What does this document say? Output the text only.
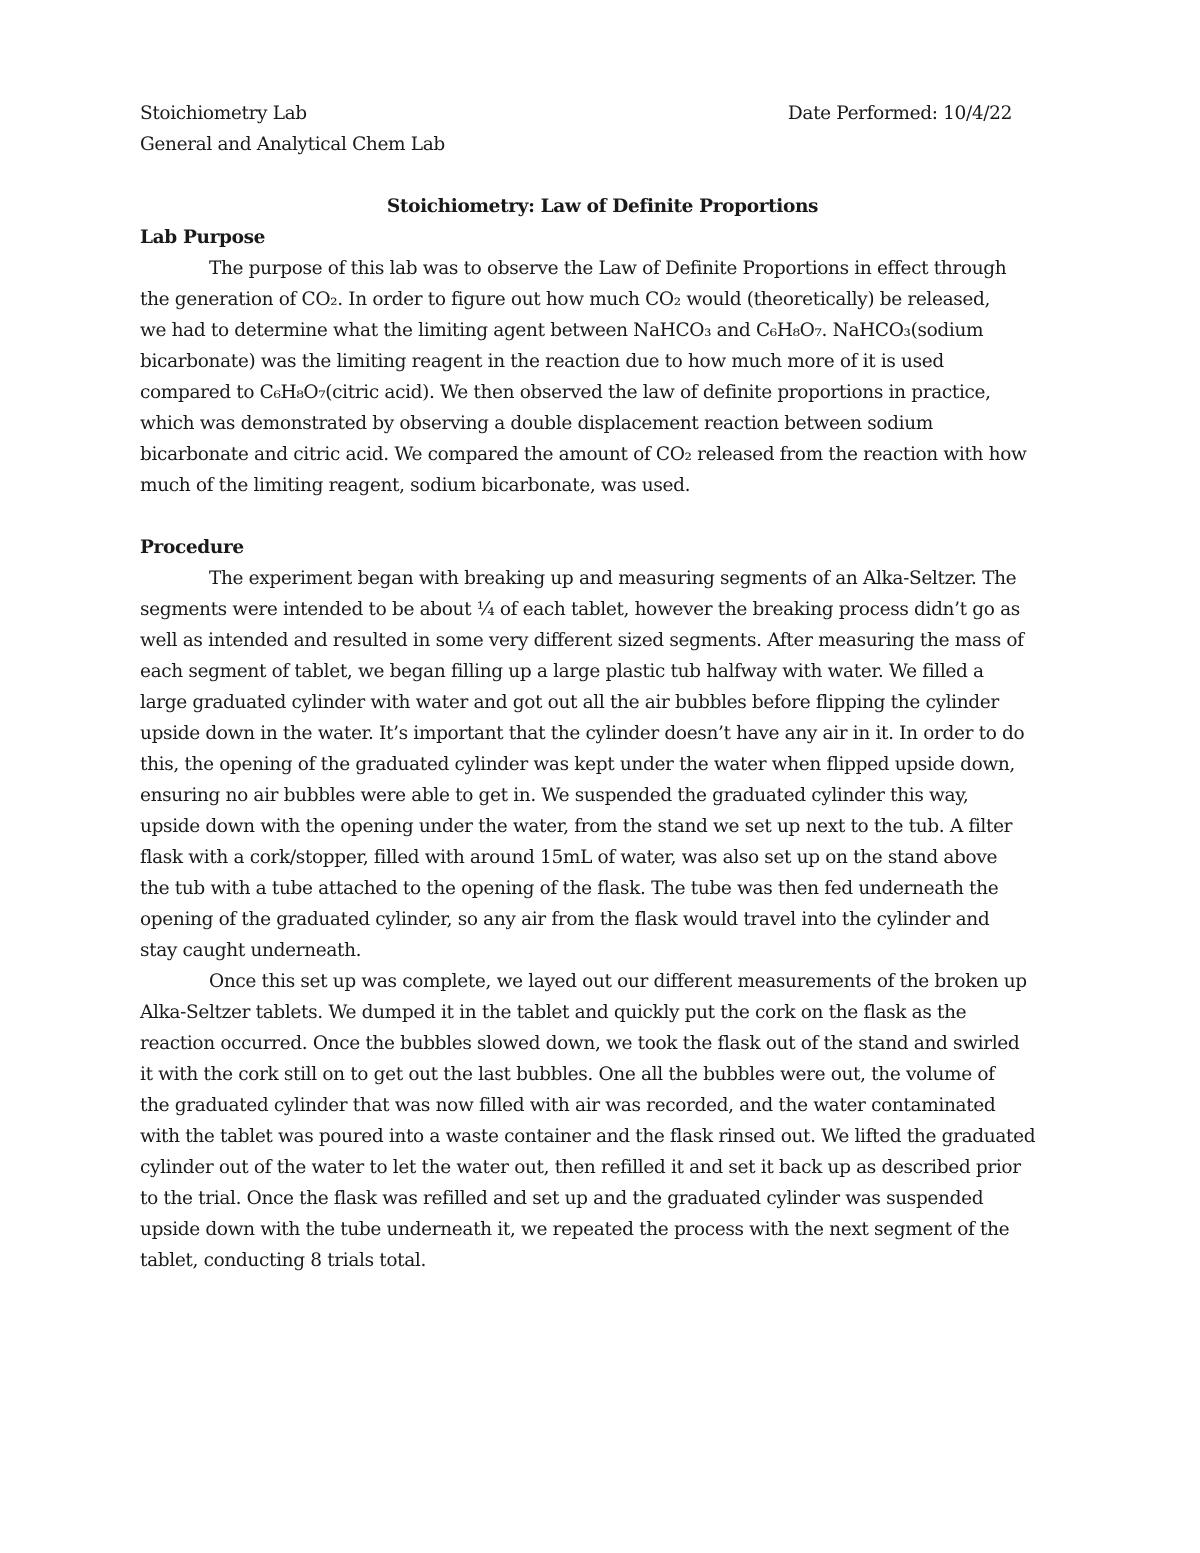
Stoichiometry Lab	Date Performed: 10/4/22
General and Analytical Chem Lab
Stoichiometry: Law of Definite Proportions
Lab Purpose
The purpose of this lab was to observe the Law of Definite Proportions in effect through
the generation of CO₂. In order to figure out how much CO₂ would (theoretically) be released,
we had to determine what the limiting agent between NaHCO₃ and C₆H₈O₇. NaHCO₃(sodium
bicarbonate) was the limiting reagent in the reaction due to how much more of it is used
compared to C₆H₈O₇(citric acid). We then observed the law of definite proportions in practice,
which was demonstrated by observing a double displacement reaction between sodium
bicarbonate and citric acid. We compared the amount of CO₂ released from the reaction with how
much of the limiting reagent, sodium bicarbonate, was used.
Procedure
The experiment began with breaking up and measuring segments of an Alka-Seltzer. The
segments were intended to be about ¼ of each tablet, however the breaking process didn’t go as
well as intended and resulted in some very different sized segments. After measuring the mass of
each segment of tablet, we began filling up a large plastic tub halfway with water. We filled a
large graduated cylinder with water and got out all the air bubbles before flipping the cylinder
upside down in the water. It’s important that the cylinder doesn’t have any air in it. In order to do
this, the opening of the graduated cylinder was kept under the water when flipped upside down,
ensuring no air bubbles were able to get in. We suspended the graduated cylinder this way,
upside down with the opening under the water, from the stand we set up next to the tub. A filter
flask with a cork/stopper, filled with around 15mL of water, was also set up on the stand above
the tub with a tube attached to the opening of the flask. The tube was then fed underneath the
opening of the graduated cylinder, so any air from the flask would travel into the cylinder and
stay caught underneath.
Once this set up was complete, we layed out our different measurements of the broken up
Alka-Seltzer tablets. We dumped it in the tablet and quickly put the cork on the flask as the
reaction occurred. Once the bubbles slowed down, we took the flask out of the stand and swirled
it with the cork still on to get out the last bubbles. One all the bubbles were out, the volume of
the graduated cylinder that was now filled with air was recorded, and the water contaminated
with the tablet was poured into a waste container and the flask rinsed out. We lifted the graduated
cylinder out of the water to let the water out, then refilled it and set it back up as described prior
to the trial. Once the flask was refilled and set up and the graduated cylinder was suspended
upside down with the tube underneath it, we repeated the process with the next segment of the
tablet, conducting 8 trials total.
